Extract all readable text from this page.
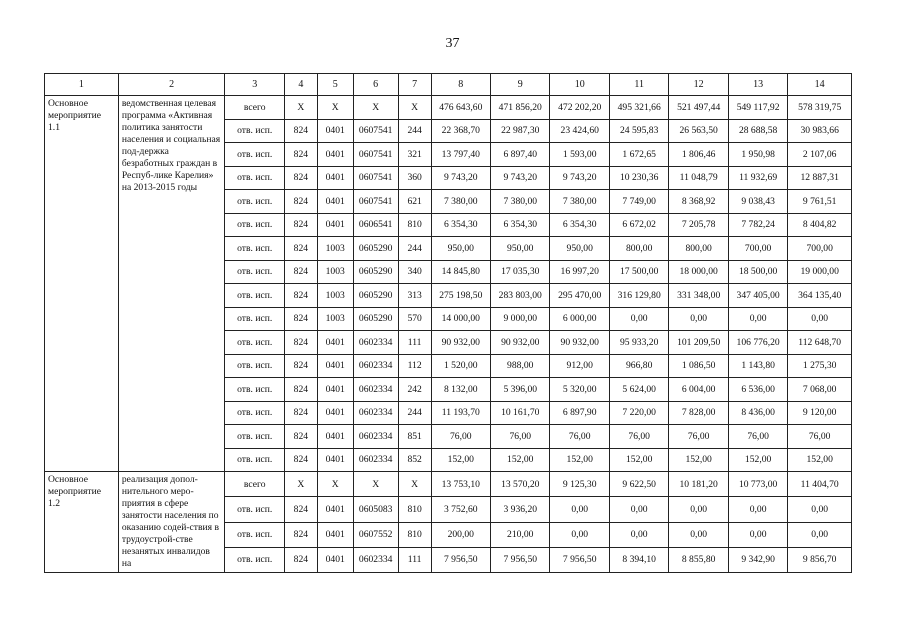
37
1	2	3	4	5	6	7	8	9	10	11	12	13	14
Основное мероприятие 1.1	ведомственная целевая программа «Активная политика занятости населения и социальная под-держка безработных граждан в Респуб-лике Карелия» на 2013-2015 годы	всего	X	X	X	X	476 643,60	471 856,20	472 202,20	495 321,66	521 497,44	549 117,92	578 319,75
		отв. исп.	824	0401	0607541	244	22 368,70	22 987,30	23 424,60	24 595,83	26 563,50	28 688,58	30 983,66
		отв. исп.	824	0401	0607541	321	13 797,40	6 897,40	1 593,00	1 672,65	1 806,46	1 950,98	2 107,06
		отв. исп.	824	0401	0607541	360	9 743,20	9 743,20	9 743,20	10 230,36	11 048,79	11 932,69	12 887,31
		отв. исп.	824	0401	0607541	621	7 380,00	7 380,00	7 380,00	7 749,00	8 368,92	9 038,43	9 761,51
		отв. исп.	824	0401	0606541	810	6 354,30	6 354,30	6 354,30	6 672,02	7 205,78	7 782,24	8 404,82
		отв. исп.	824	1003	0605290	244	950,00	950,00	950,00	800,00	800,00	700,00	700,00
		отв. исп.	824	1003	0605290	340	14 845,80	17 035,30	16 997,20	17 500,00	18 000,00	18 500,00	19 000,00
		отв. исп.	824	1003	0605290	313	275 198,50	283 803,00	295 470,00	316 129,80	331 348,00	347 405,00	364 135,40
		отв. исп.	824	1003	0605290	570	14 000,00	9 000,00	6 000,00	0,00	0,00	0,00	0,00
		отв. исп.	824	0401	0602334	111	90 932,00	90 932,00	90 932,00	95 933,20	101 209,50	106 776,20	112 648,70
		отв. исп.	824	0401	0602334	112	1 520,00	988,00	912,00	966,80	1 086,50	1 143,80	1 275,30
		отв. исп.	824	0401	0602334	242	8 132,00	5 396,00	5 320,00	5 624,00	6 004,00	6 536,00	7 068,00
		отв. исп.	824	0401	0602334	244	11 193,70	10 161,70	6 897,90	7 220,00	7 828,00	8 436,00	9 120,00
		отв. исп.	824	0401	0602334	851	76,00	76,00	76,00	76,00	76,00	76,00	76,00
		отв. исп.	824	0401	0602334	852	152,00	152,00	152,00	152,00	152,00	152,00	152,00
Основное мероприятие 1.2	реализация допол-нительного меро-приятия в сфере занятости населения по оказанию содей-ствия в трудоустрой-стве незанятых инвалидов на	всего	X	X	X	X	13 753,10	13 570,20	9 125,30	9 622,50	10 181,20	10 773,00	11 404,70
		отв. исп.	824	0401	0605083	810	3 752,60	3 936,20	0,00	0,00	0,00	0,00	0,00
		отв. исп.	824	0401	0607552	810	200,00	210,00	0,00	0,00	0,00	0,00	0,00
		отв. исп.	824	0401	0602334	111	7 956,50	7 956,50	7 956,50	8 394,10	8 855,80	9 342,90	9 856,70
